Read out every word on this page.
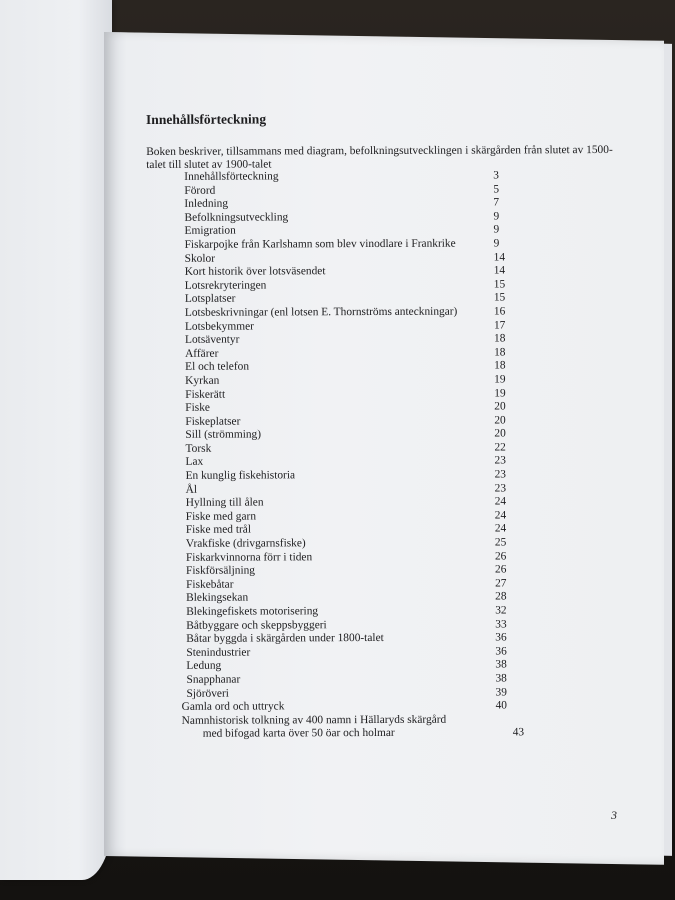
Innehållsförteckning

Boken beskriver, tillsammans med diagram, befolkningsutvecklingen i skärgården från slutet av 1500-talet till slutet av 1900-talet

Innehållsförteckning	3
Förord	5
Inledning	7
Befolkningsutveckling	9
Emigration	9
Fiskarpojke från Karlshamn som blev vinodlare i Frankrike	9
Skolor	14
Kort historik över lotsväsendet	14
Lotsrekryteringen	15
Lotsplatser	15
Lotsbeskrivningar (enl lotsen E. Thornströms anteckningar)	16
Lotsbekymmer	17
Lotsäventyr	18
Affärer	18
El och telefon	18
Kyrkan	19
Fiskerätt	19
Fiske	20
Fiskeplatser	20
Sill (strömming)	20
Torsk	22
Lax	23
En kunglig fiskehistoria	23
Ål	23
Hyllning till ålen	24
Fiske med garn	24
Fiske med trål	24
Vrakfiske (drivgarnsfiske)	25
Fiskarkvinnorna förr i tiden	26
Fiskförsäljning	26
Fiskebåtar	27
Blekingsekan	28
Blekingefiskets motorisering	32
Båtbyggare och skeppsbyggeri	33
Båtar byggda i skärgården under 1800-talet	36
Stenindustrier	36
Ledung	38
Snapphanar	38
Sjöröveri	39
Gamla ord och uttryck	40
Namnhistorisk tolkning av 400 namn i Hällaryds skärgård
med bifogad karta över 50 öar och holmar	43
3
